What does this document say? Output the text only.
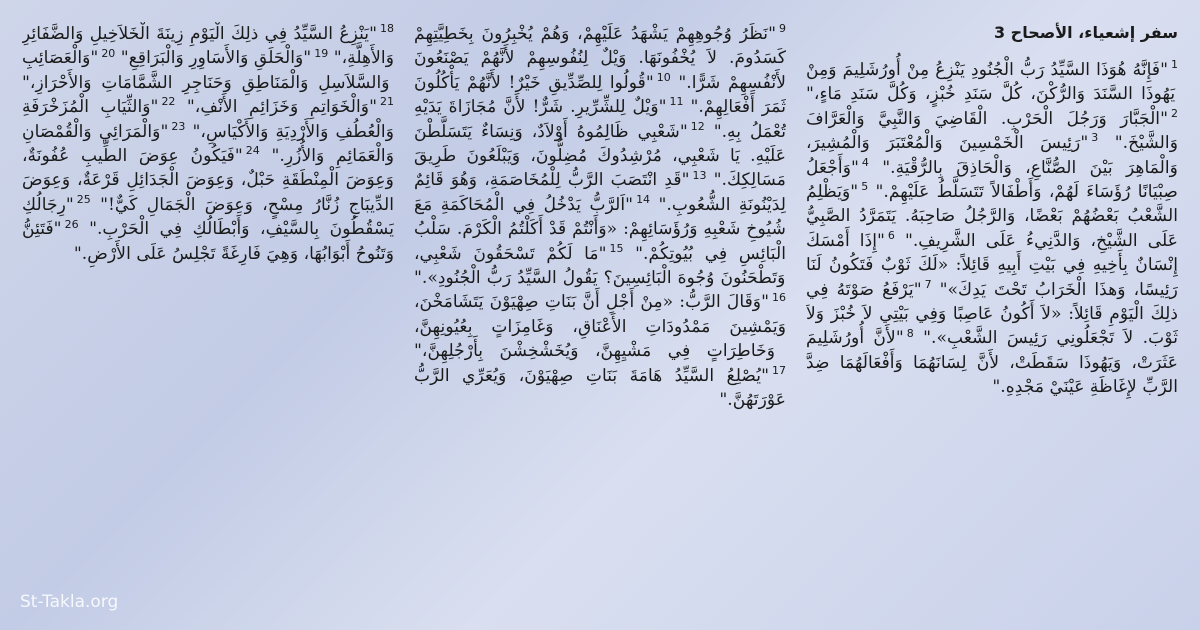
سفر إشعياء، الأصحاح 3
$^1$"فَإِنَّهُ هُوَذَا السَّيِّدُ رَبُّ الْجُنُودِ يَنْزِعُ مِنْ أُورُشَلِيمَ وَمِنْ يَهُوذَا السَّنَدَ وَالرُّكْنَ، كُلَّ سَنَدِ خُبْزٍ، وَكُلَّ سَنَدِ مَاءٍ،" $^2$"الْجَبَّارَ وَرَجُلَ الْحَرْبِ. الْقَاضِيَ وَالنَّبِيَّ وَالْعَرَّافَ وَالشَّيْخَ." $^3$"رَئِيسَ الْخَمْسِينَ وَالْمُعْتَبَرَ وَالْمُشِيرَ، وَالْمَاهِرَ بَيْنَ الصُّنَّاعِ، وَالْحَاذِقَ بِالرُّقْيَةِ." $^4$"وَأَجْعَلُ صِبْيَانًا رُؤَسَاءَ لَهُمْ، وَأَطْفَالاً تَتَسَلَّطُ عَلَيْهِمْ." $^5$"وَيَظْلِمُ الشَّعْبُ بَعْضُهُمْ بَعْضًا، وَالرَّجُلُ صَاحِبَهُ. يَتَمَرَّدُ الصَّبِيُّ عَلَى الشَّيْخِ، وَالدَّنِيءُ عَلَى الشَّرِيفِ." $^6$"إِذَا أَمْسَكَ إِنْسَانٌ بِأَخِيهِ فِي بَيْتِ أَبِيهِ قَائِلاً: «لَكَ ثَوْبٌ فَتَكُونُ لَنَا رَئِيسًا، وَهذَا الْخَرَابُ تَحْتَ يَدِكَ»" $^7$"يَرْفَعُ صَوْتَهُ فِي ذلِكَ الْيَوْمِ قَائِلاً: «لاَ أَكُونُ عَاصِبًا وَفِي بَيْتِي لاَ خُبْزَ وَلاَ ثَوْبَ. لاَ تَجْعَلُونِي رَئِيسَ الشَّعْبِ»." $^8$"لأَنَّ أُورُشَلِيمَ عَثَرَتْ، وَيَهُوذَا سَقَطَتْ، لأَنَّ لِسَانَهُمَا وَأَفْعَالَهُمَا ضِدَّ الرَّبِّ لإِغَاظَةِ عَيْنَيْ مَجْدِهِ."
$^9$"نَظَرُ وُجُوهِهِمْ يَشْهَدُ عَلَيْهِمْ، وَهُمْ يُخْبِرُونَ بِخَطِيَّتِهِمْ كَسَدُومَ. لاَ يُخْفُونَهَا. وَيْلٌ لِنُفُوسِهِمْ لأَنَّهُمْ يَصْنَعُونَ لأَنْفُسِهِمْ شَرًّا." $^{10}$"قُولُوا لِلصِّدِّيقِ خَيْرٌ! لأَنَّهُمْ يَأْكُلُونَ ثَمَرَ أَفْعَالِهِمْ." $^{11}$"وَيْلٌ لِلشِّرِّيرِ. شَرٌّ! لأَنَّ مُجَازَاةَ يَدَيْهِ تُعْمَلُ بِهِ." $^{12}$"شَعْبِي ظَالِمُوهُ أَوْلاَدٌ، وَنِسَاءٌ يَتَسَلَّطْنَ عَلَيْهِ. يَا شَعْبِي، مُرْشِدُوكَ مُضِلُّونَ، وَيَبْلَعُونَ طَرِيقَ مَسَالِكِكَ." $^{13}$"قَدِ انْتَصَبَ الرَّبُّ لِلْمُخَاصَمَةِ، وَهُوَ قَائِمٌ لِدَيْنُونَةِ الشُّعُوبِ." $^{14}$"اَلرَّبُّ يَدْخُلُ فِي الْمُحَاكَمَةِ مَعَ شُيُوخِ شَعْبِهِ وَرُؤَسَائِهِمْ: «وَأَنْتُمْ قَدْ أَكَلْتُمُ الْكَرْمَ. سَلْبُ الْبَائِسِ فِي بُيُوتِكُمْ." $^{15}$"مَا لَكُمْ تَسْحَقُونَ شَعْبِي، وَتَطْحَنُونَ وُجُوهَ الْبَائِسِينَ؟ يَقُولُ السَّيِّدُ رَبُّ الْجُنُودِ»." $^{16}$"وَقَالَ الرَّبُّ: «مِنْ أَجْلِ أَنَّ بَنَاتِ صِهْيَوْنَ يَتَشَامَخْنَ، وَيَمْشِينَ مَمْدُودَاتِ الأَعْنَاقِ، وَغَامِزَاتٍ بِعُيُونِهِنَّ، وَخَاطِرَاتٍ فِي مَشْيِهِنَّ، وَيُخَشْخِشْنَ بِأَرْجُلِهِنَّ،" $^{17}$"يُصْلِعُ السَّيِّدُ هَامَةَ بَنَاتِ صِهْيَوْنَ، وَيُعَرِّي الرَّبُّ عَوْرَتَهُنَّ."
$^{18}$"يَنْزِعُ السَّيِّدُ فِي ذلِكَ الْيَوْمِ زِينَةَ الْخَلاَخِيلِ وَالضَّفَائِرِ وَالأَهِلَّةِ،" $^{19}$"وَالْحَلَقِ وَالأَسَاوِرِ وَالْبَرَاقِعِ" $^{20}$"وَالْعَصَائِبِ وَالسَّلاَسِلِ وَالْمَنَاطِقِ وَحَنَاجِرِ الشَّمَّامَاتِ وَالأَحْرَازِ،" $^{21}$"وَالْخَوَاتِمِ وَخَزَائِمِ الأَنْفِ،" $^{22}$"وَالثِّيَابِ الْمُزَخْرَفَةِ وَالْعُطُفِ وَالأَرْدِيَةِ وَالأَكْيَاسِ،" $^{23}$"وَالْمَرَائِي وَالْقُمْصَانِ وَالْعَمَائِمِ وَالأُزُرِ." $^{24}$"فَيَكُونُ عِوَضَ الطِّيبِ عُفُونَةٌ، وَعِوَضَ الْمِنْطَقَةِ حَبْلٌ، وَعِوَضَ الْجَدَائِلِ قَرْعَةٌ، وَعِوَضَ الدِّيبَاجِ زُنَّارُ مِسْحٍ، وَعِوَضَ الْجَمَالِ كَيٌّ!" $^{25}$"رِجَالُكِ يَسْقُطُونَ بِالسَّيْفِ، وَأَبْطَالُكِ فِي الْحَرْبِ." $^{26}$"فَتَئِنُّ وَتَنُوحُ أَبْوَابُهَا، وَهِيَ فَارِغَةً تَجْلِسُ عَلَى الأَرْضِ."
St-Takla.org
